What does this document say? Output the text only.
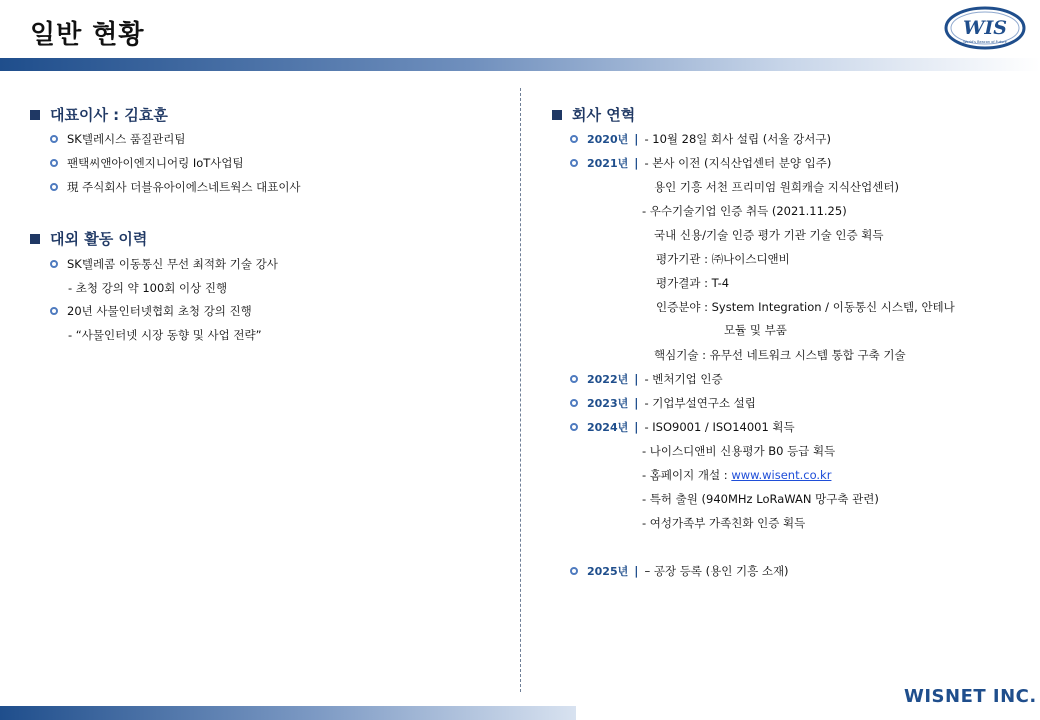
일반 현황	WIS
World's Beacon of Future
대표이사 : 김효훈
SK텔레시스 품질관리팀
팬택씨앤아이엔지니어링 IoT사업팀
現 주식회사 더블유아이에스네트웍스 대표이사
대외 활동 이력
SK텔레콤 이동통신 무선 최적화 기술 강사
- 초청 강의 약 100회 이상 진행
20년 사물인터넷협회 초청 강의 진행
- “사물인터넷 시장 동향 및 사업 전략”
회사 연혁
2020년 | - 10월 28일 회사 설립 (서울 강서구)
2021년 | - 본사 이전 (지식산업센터 분양 입주)
용인 기흥 서천 프리미엄 원희캐슬 지식산업센터)
- 우수기술기업 인증 취득 (2021.11.25)
국내 신용/기술 인증 평가 기관 기술 인증 획득
평가기관 : ㈜나이스디앤비
평가결과 : T-4
인증분야 : System Integration / 이동통신 시스템, 안테나
모듈 및 부품
핵심기술 : 유무선 네트워크 시스템 통합 구축 기술
2022년 | - 벤처기업 인증
2023년 | - 기업부설연구소 설립
2024년 | - ISO9001 / ISO14001 획득
- 나이스디앤비 신용평가 B0 등급 획득
- 홈페이지 개설 : www.wisent.co.kr
- 특허 출원 (940MHz LoRaWAN 망구축 관련)
- 여성가족부 가족친화 인증 획득
2025년 | – 공장 등록 (용인 기흥 소재)
WISNET INC.
